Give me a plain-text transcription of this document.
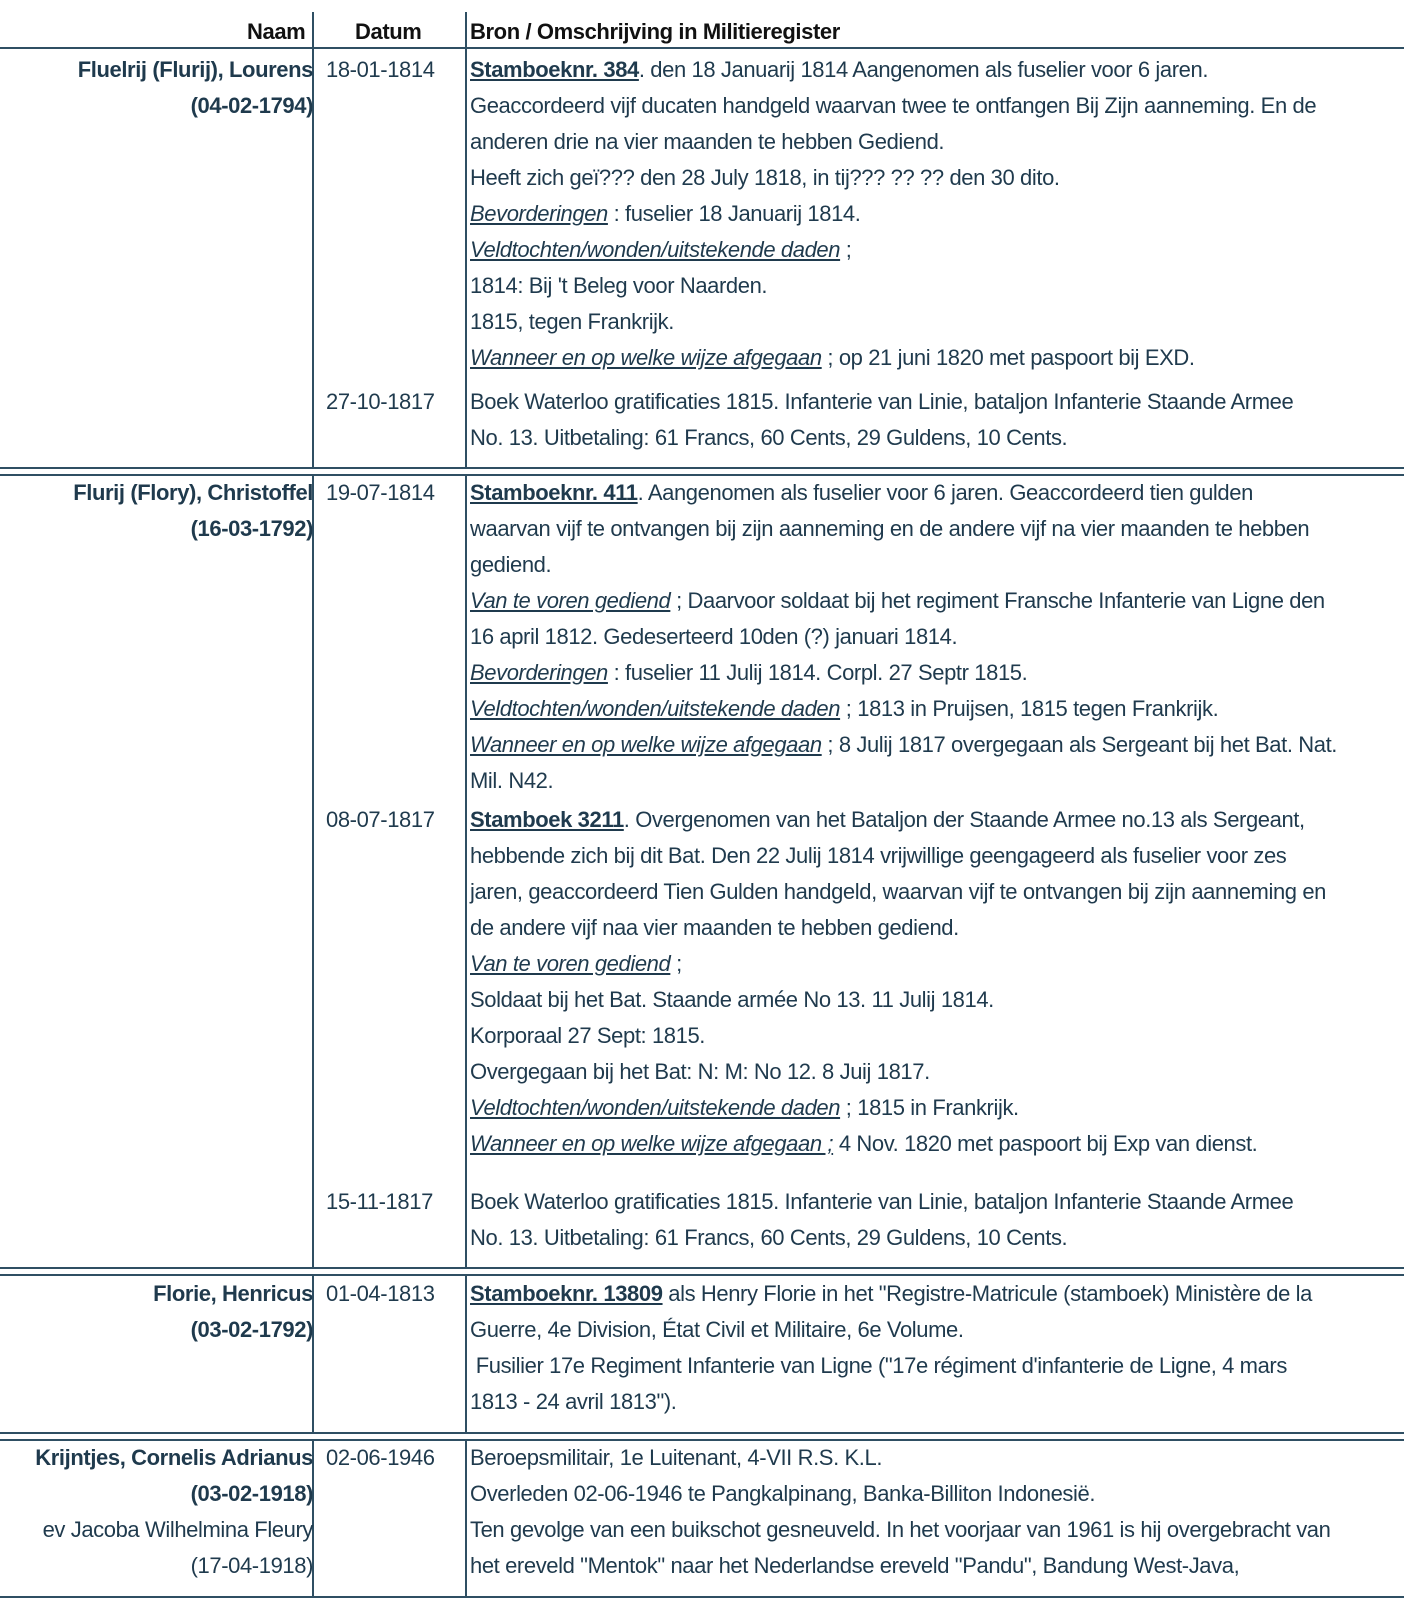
Naam Datum Bron / Omschrijving in Militieregister
Fluelrij (Flurij), Lourens
(04-02-1794)
18-01-1814 Stamboeknr. 384. den 18 Januarij 1814 Aangenomen als fuselier voor 6 jaren.
Geaccordeerd vijf ducaten handgeld waarvan twee te ontfangen Bij Zijn aanneming. En de
anderen drie na vier maanden te hebben Gediend.
Heeft zich geï??? den 28 July 1818, in tij??? ?? ?? den 30 dito.
Bevorderingen : fuselier 18 Januarij 1814.
Veldtochten/wonden/uitstekende daden ;
1814: Bij 't Beleg voor Naarden.
1815, tegen Frankrijk.
Wanneer en op welke wijze afgegaan ; op 21 juni 1820 met paspoort bij EXD.
27-10-1817 Boek Waterloo gratificaties 1815. Infanterie van Linie, bataljon Infanterie Staande Armee
No. 13. Uitbetaling: 61 Francs, 60 Cents, 29 Guldens, 10 Cents.
Flurij (Flory), Christoffel
(16-03-1792)
19-07-1814 Stamboeknr. 411. Aangenomen als fuselier voor 6 jaren. Geaccordeerd tien gulden
waarvan vijf te ontvangen bij zijn aanneming en de andere vijf na vier maanden te hebben
gediend.
Van te voren gediend ; Daarvoor soldaat bij het regiment Fransche Infanterie van Ligne den
16 april 1812. Gedeserteerd 10den (?) januari 1814.
Bevorderingen : fuselier 11 Julij 1814. Corpl. 27 Septr 1815.
Veldtochten/wonden/uitstekende daden ; 1813 in Pruijsen, 1815 tegen Frankrijk.
Wanneer en op welke wijze afgegaan ; 8 Julij 1817 overgegaan als Sergeant bij het Bat. Nat.
Mil. N42.
08-07-1817 Stamboek 3211. Overgenomen van het Bataljon der Staande Armee no.13 als Sergeant,
hebbende zich bij dit Bat. Den 22 Julij 1814 vrijwillige geengageerd als fuselier voor zes
jaren, geaccordeerd Tien Gulden handgeld, waarvan vijf te ontvangen bij zijn aanneming en
de andere vijf naa vier maanden te hebben gediend.
Van te voren gediend ;
Soldaat bij het Bat. Staande armée No 13. 11 Julij 1814.
Korporaal 27 Sept: 1815.
Overgegaan bij het Bat: N: M: No 12. 8 Juij 1817.
Veldtochten/wonden/uitstekende daden ; 1815 in Frankrijk.
Wanneer en op welke wijze afgegaan ; 4 Nov. 1820 met paspoort bij Exp van dienst.
15-11-1817 Boek Waterloo gratificaties 1815. Infanterie van Linie, bataljon Infanterie Staande Armee
No. 13. Uitbetaling: 61 Francs, 60 Cents, 29 Guldens, 10 Cents.
Florie, Henricus
(03-02-1792)
01-04-1813 Stamboeknr. 13809 als Henry Florie in het "Registre-Matricule (stamboek) Ministère de la
Guerre, 4e Division, État Civil et Militaire, 6e Volume.
Fusilier 17e Regiment Infanterie van Ligne ("17e régiment d'infanterie de Ligne, 4 mars
1813 - 24 avril 1813").
Krijntjes, Cornelis Adrianus
(03-02-1918)
ev Jacoba Wilhelmina Fleury
(17-04-1918)
02-06-1946 Beroepsmilitair, 1e Luitenant, 4-VII R.S. K.L.
Overleden 02-06-1946 te Pangkalpinang, Banka-Billiton Indonesië.
Ten gevolge van een buikschot gesneuveld. In het voorjaar van 1961 is hij overgebracht van
het ereveld "Mentok" naar het Nederlandse ereveld "Pandu", Bandung West-Java,
